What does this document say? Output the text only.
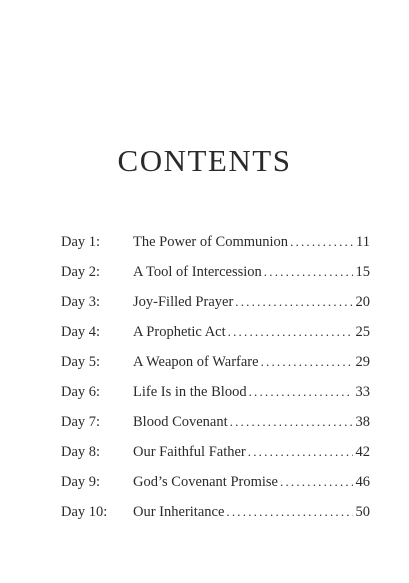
CONTENTS
Day 1:	The Power of Communion .....	11
Day 2:	A Tool of Intercession .....	15
Day 3:	Joy-Filled Prayer .....	20
Day 4:	A Prophetic Act .....	25
Day 5:	A Weapon of Warfare .....	29
Day 6:	Life Is in the Blood .....	33
Day 7:	Blood Covenant .....	38
Day 8:	Our Faithful Father .....	42
Day 9:	God’s Covenant Promise .....	46
Day 10:	Our Inheritance .....	50
